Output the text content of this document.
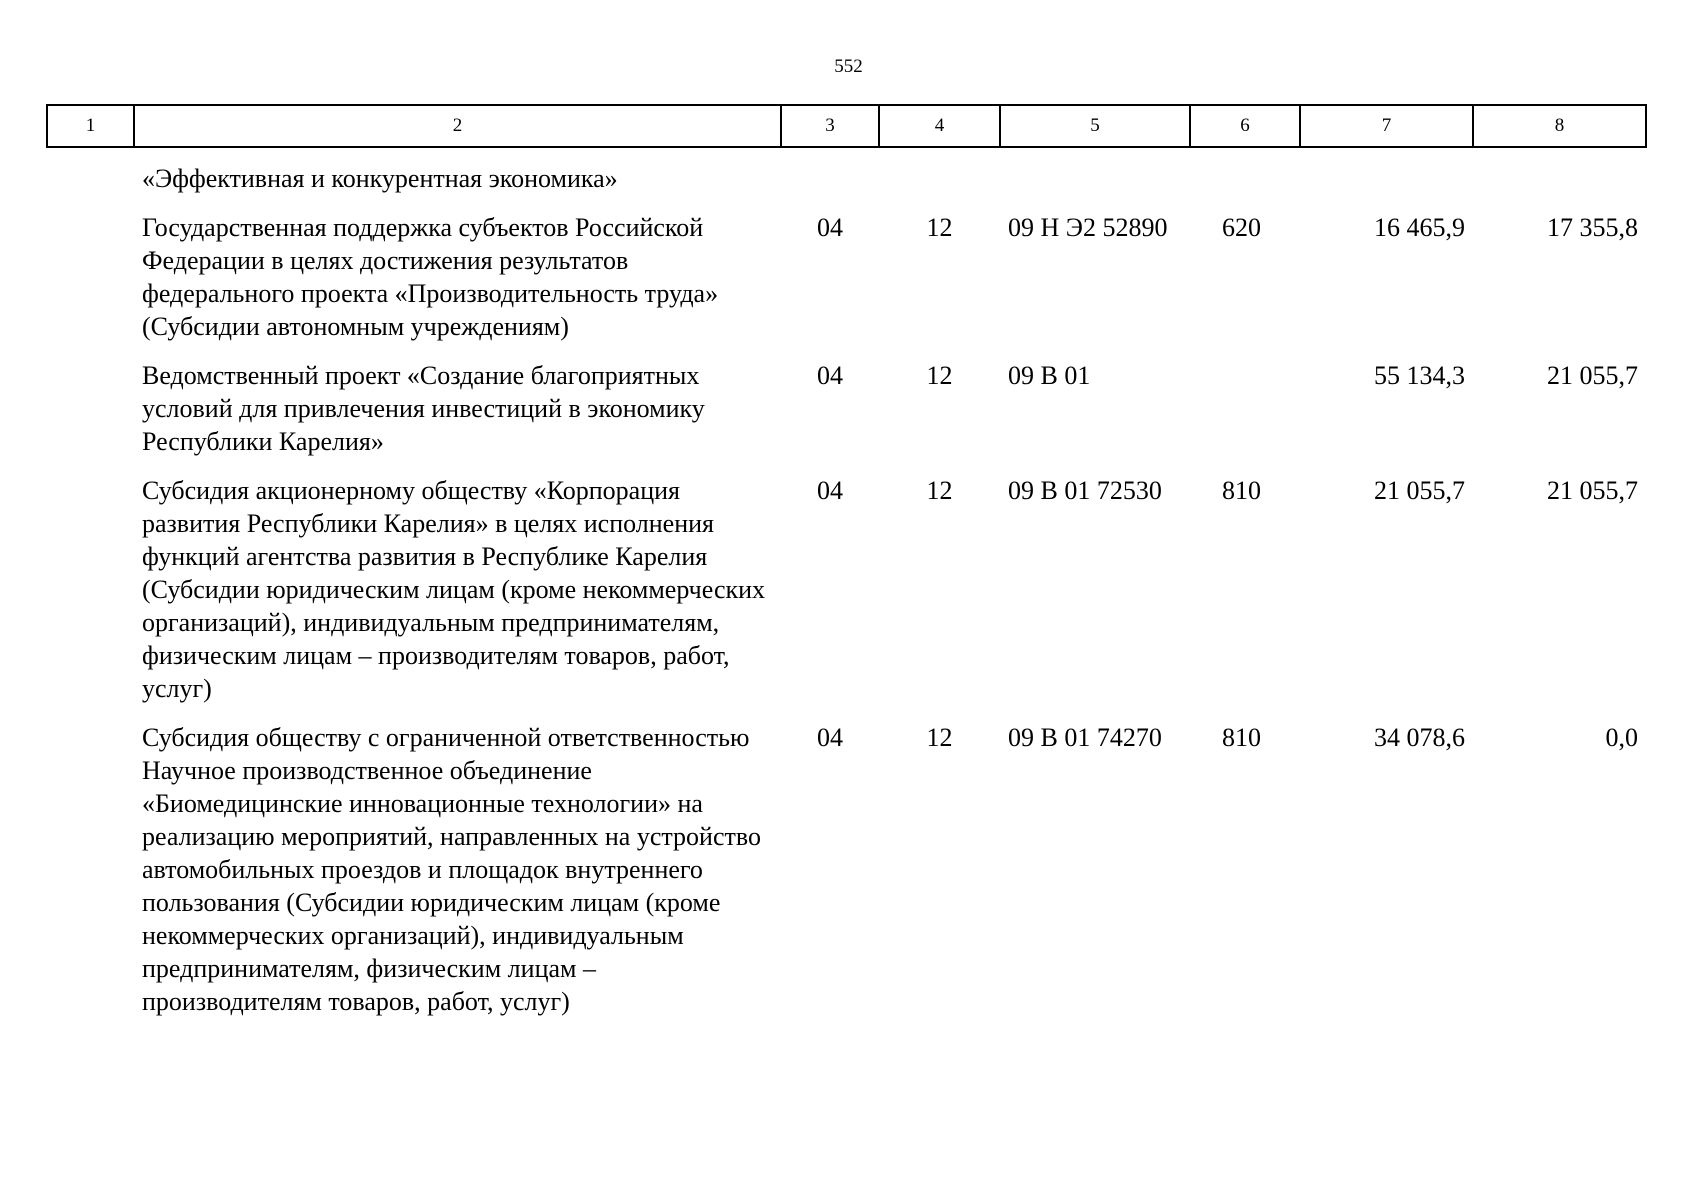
552
1	2	3	4	5	6	7	8
	«Эффективная и конкурентная экономика»						
	Государственная поддержка субъектов Российской Федерации в целях достижения результатов федерального проекта «Производительность труда» (Субсидии автономным учреждениям)	04	12	09 Н Э2 52890	620	16 465,9	17 355,8
	Ведомственный проект «Создание благоприятных условий для привлечения инвестиций в экономику Республики Карелия»	04	12	09 В 01		55 134,3	21 055,7
	Субсидия акционерному обществу «Корпорация развития Республики Карелия» в целях исполнения функций агентства развития в Республике Карелия (Субсидии юридическим лицам (кроме некоммерческих организаций), индивидуальным предпринимателям, физическим лицам – производителям товаров, работ, услуг)	04	12	09 В 01 72530	810	21 055,7	21 055,7
	Субсидия обществу с ограниченной ответственностью Научное производственное объединение «Биомедицинские инновационные технологии» на реализацию мероприятий, направленных на устройство автомобильных проездов и площадок внутреннего пользования (Субсидии юридическим лицам (кроме некоммерческих организаций), индивидуальным предпринимателям, физическим лицам – производителям товаров, работ, услуг)	04	12	09 В 01 74270	810	34 078,6	0,0
